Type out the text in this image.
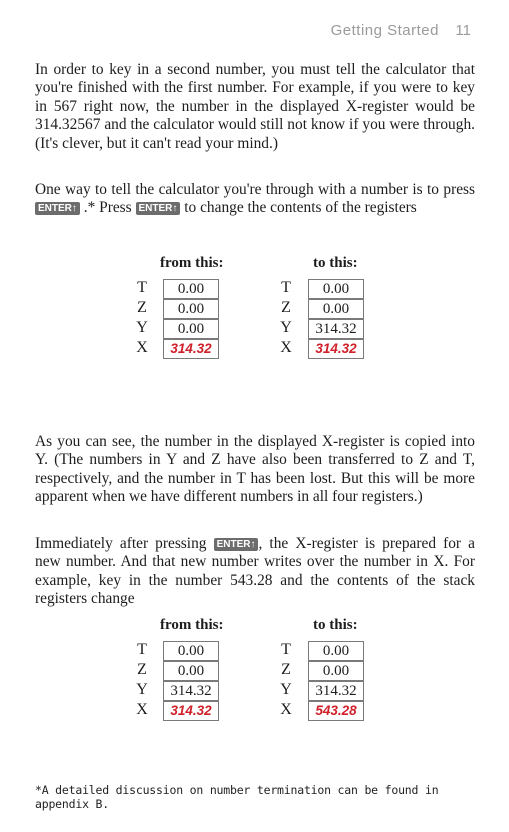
Getting Started 11

In order to key in a second number, you must tell the calculator that you're finished with the first number. For example, if you were to key in 567 right now, the number in the displayed X-register would be 314.32567 and the calculator would still not know if you were through. (It's clever, but it can't read your mind.)

One way to tell the calculator you're through with a number is to press ENTER↑ .* Press ENTER↑ to change the contents of the registers

from this:	to this:
T
Z
Y
X
0.00
0.00
0.00
314.32
T
Z
Y
X
0.00
0.00
314.32
314.32

As you can see, the number in the displayed X-register is copied into Y. (The numbers in Y and Z have also been transferred to Z and T, respectively, and the number in T has been lost. But this will be more apparent when we have different numbers in all four registers.)

Immediately after pressing ENTER↑ , the X-register is prepared for a new number. And that new number writes over the number in X. For example, key in the number 543.28 and the contents of the stack registers change

from this:	to this:
T
Z
Y
X
0.00
0.00
314.32
314.32
T
Z
Y
X
0.00
0.00
314.32
543.28
*A detailed discussion on number termination can be found in appendix B.
